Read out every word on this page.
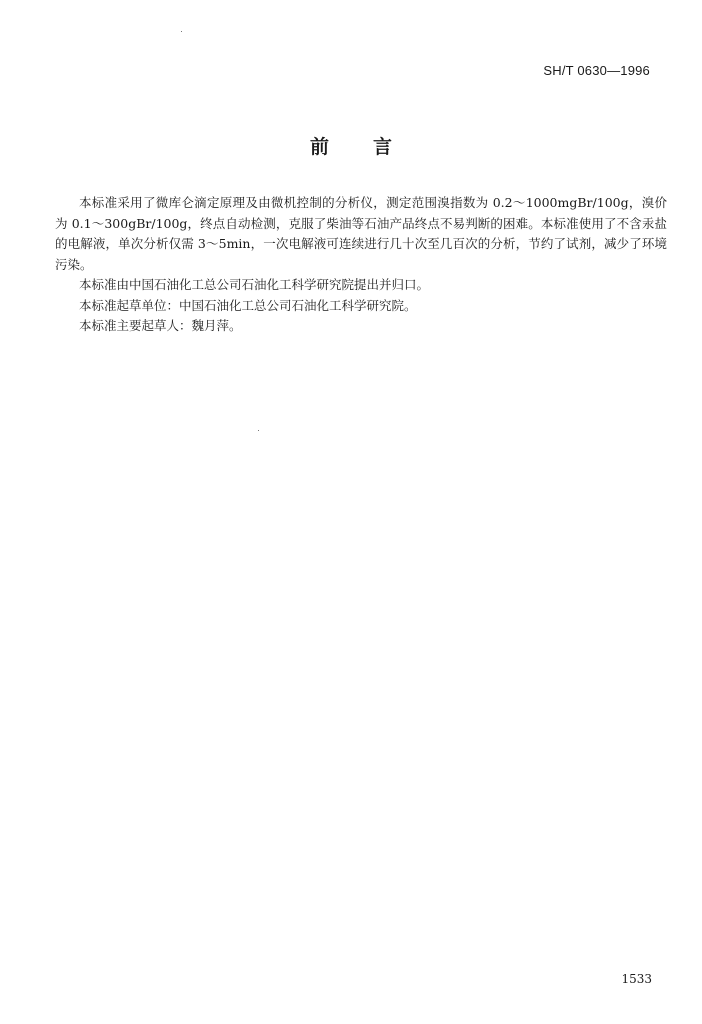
SH/T 0630—1996
前言

本标准采用了微库仑滴定原理及由微机控制的分析仪，测定范围溴指数为 0.2～1000mgBr/100g，溴价为 0.1～300gBr/100g，终点自动检测，克服了柴油等石油产品终点不易判断的困难。本标准使用了不含汞盐的电解液，单次分析仅需 3～5min，一次电解液可连续进行几十次至几百次的分析，节约了试剂，减少了环境污染。

本标准由中国石油化工总公司石油化工科学研究院提出并归口。

本标准起草单位：中国石油化工总公司石油化工科学研究院。

本标准主要起草人：魏月萍。

1533
